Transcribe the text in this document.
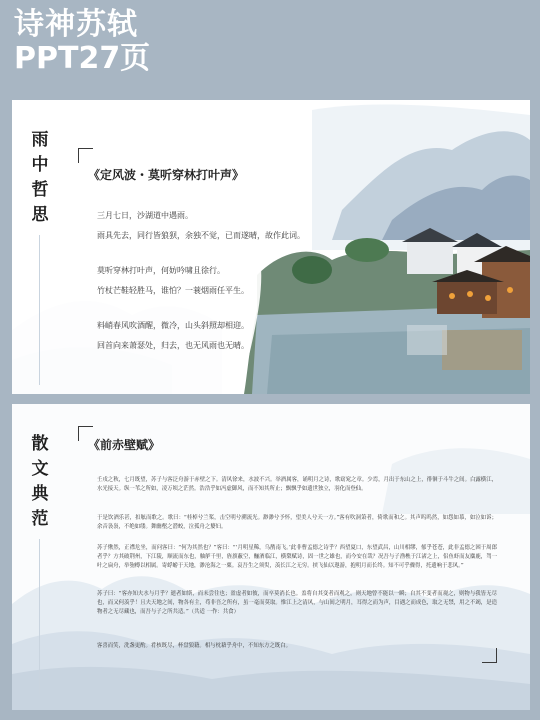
诗神苏轼
PPT27页
雨中哲思
《定风波・莫听穿林打叶声》
三月七日，沙湖道中遇雨。
雨具先去，同行皆狼狈，余独不觉，已而遂晴，故作此词。
莫听穿林打叶声，何妨吟啸且徐行。
竹杖芒鞋轻胜马，谁怕？一蓑烟雨任平生。
料峭春风吹酒醒，微冷，山头斜照却相迎。
回首向来萧瑟处，归去，也无风雨也无晴。
散文典范
《前赤壁赋》
壬戌之秋，七月既望，苏子与客泛舟游于赤壁之下。清风徐来，水波不兴。举酒属客，诵明月之诗，歌窈窕之章。少焉，月出于东山之上，徘徊于斗牛之间。白露横江，水光接天。纵一苇之所如，凌万顷之茫然。浩浩乎如冯虚御风，而不知其所止；飘飘乎如遗世独立，羽化而登仙。
于是饮酒乐甚，扣舷而歌之。歌曰：“桂棹兮兰桨，击空明兮溯流光。渺渺兮予怀，望美人兮天一方。”客有吹洞箫者，倚歌而和之。其声呜呜然，如怨如慕，如泣如诉；余音袅袅，不绝如缕。舞幽壑之潜蛟，泣孤舟之嫠妇。
苏子愀然，正襟危坐，而问客曰：“何为其然也？”客曰：“‘月明星稀，乌鹊南飞。’此非曹孟德之诗乎？西望夏口，东望武昌，山川相缪，郁乎苍苍，此非孟德之困于周郎者乎？方其破荆州，下江陵，顺流而东也，舳舻千里，旌旗蔽空，酾酒临江，横槊赋诗，固一世之雄也，而今安在哉？况吾与子渔樵于江渚之上，侣鱼虾而友麋鹿，驾一叶之扁舟，举匏樽以相属。寄蜉蝣于天地，渺沧海之一粟。哀吾生之须臾，羡长江之无穷。挟飞仙以遨游，抱明月而长终。知不可乎骤得，托遗响于悲风。”
苏子曰：“客亦知夫水与月乎？逝者如斯，而未尝往也；盈虚者如彼，而卒莫消长也。盖将自其变者而观之，则天地曾不能以一瞬；自其不变者而观之，则物与我皆无尽也，而又何羡乎！且夫天地之间，物各有主，苟非吾之所有，虽一毫而莫取。惟江上之清风，与山间之明月，耳得之而为声，目遇之而成色，取之无禁，用之不竭，是造物者之无尽藏也，而吾与子之所共适。”（共适 一作：共食）
客喜而笑，洗盏更酌。肴核既尽，杯盘狼籍。相与枕藉乎舟中，不知东方之既白。
